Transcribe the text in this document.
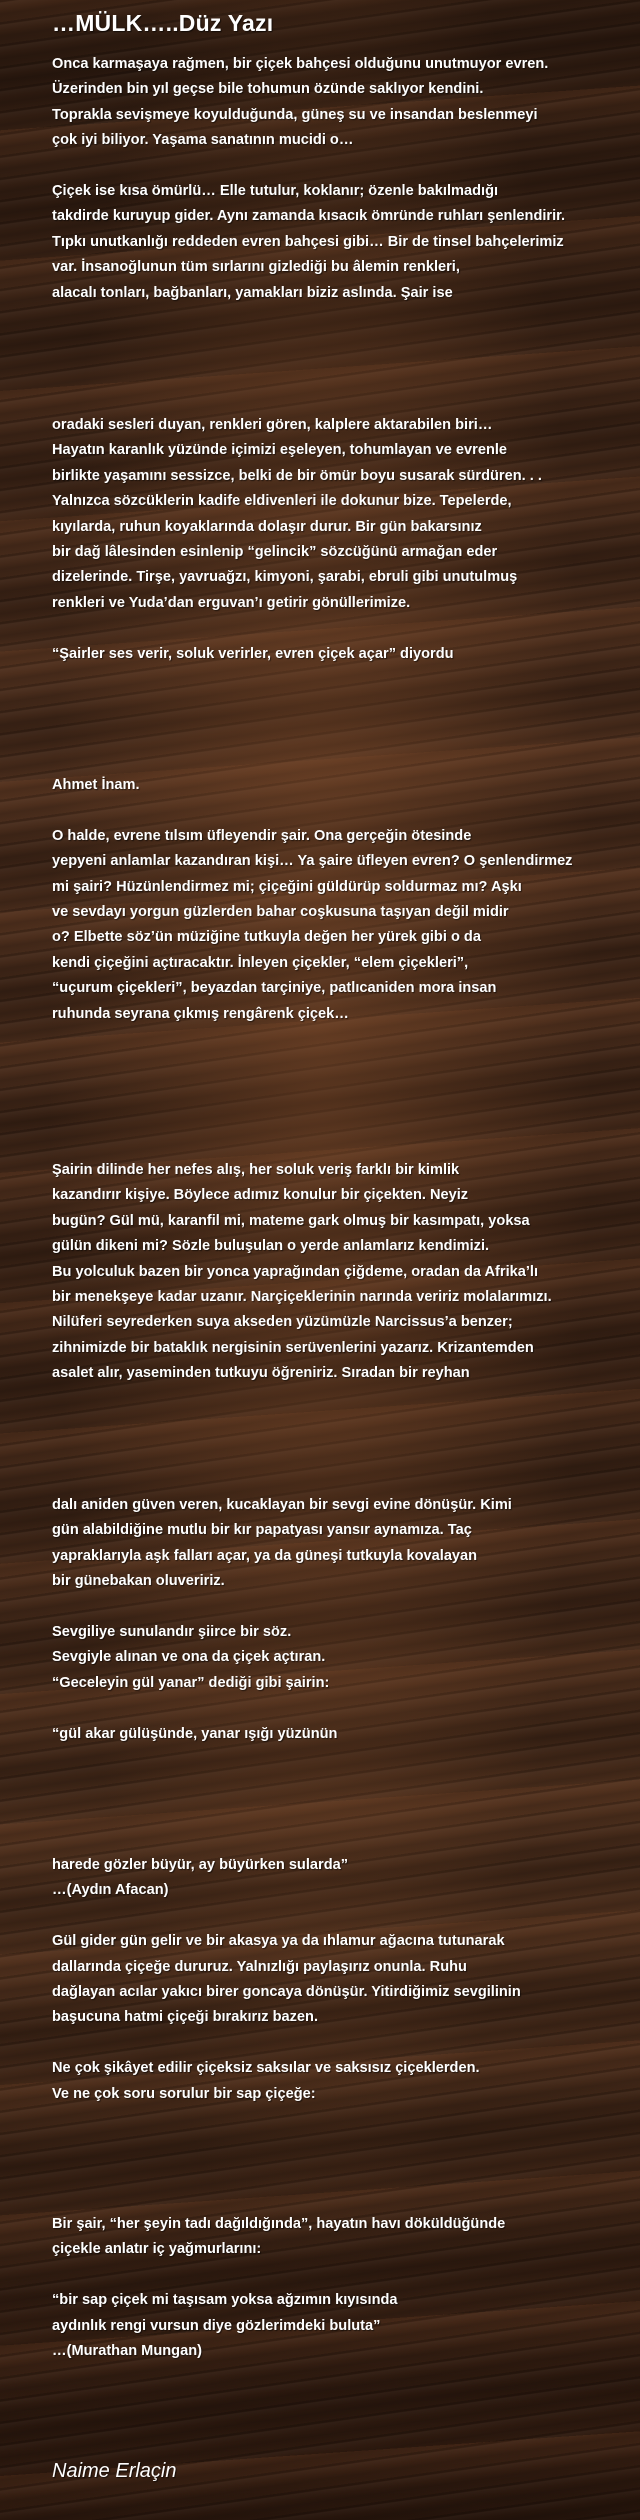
…MÜLK…..Düz Yazı
Onca karmaşaya rağmen, bir çiçek bahçesi olduğunu unutmuyor evren.
Üzerinden bin yıl geçse bile tohumun özünde saklıyor kendini.
Toprakla sevişmeye koyulduğunda, güneş su ve insandan beslenmeyi
çok iyi biliyor. Yaşama sanatının mucidi o…

Çiçek ise kısa ömürlü… Elle tutulur, koklanır; özenle bakılmadığı
takdirde kuruyup gider. Aynı zamanda kısacık ömründe ruhları şenlendirir.
Tıpkı unutkanlığı reddeden evren bahçesi gibi… Bir de tinsel bahçelerimiz
var. İnsanoğlunun tüm sırlarını gizlediği bu âlemin renkleri,
alacalı tonları, bağbanları, yamakları biziz aslında. Şair ise
oradaki sesleri duyan, renkleri gören, kalplere aktarabilen biri…
Hayatın karanlık yüzünde içimizi eşeleyen, tohumlayan ve evrenle
birlikte yaşamını sessizce, belki de bir ömür boyu susarak sürdüren. . .
Yalnızca sözcüklerin kadife eldivenleri ile dokunur bize. Tepelerde,
kıyılarda, ruhun koyaklarında dolaşır durur. Bir gün bakarsınız
bir dağ lâlesinden esinlenip “gelincik” sözcüğünü armağan eder
dizelerinde. Tirşe, yavruağzı, kimyoni, şarabi, ebruli gibi unutulmuş
renkleri ve Yuda’dan erguvan’ı getirir gönüllerimize.

“Şairler ses verir, soluk verirler, evren çiçek açar” diyordu
Ahmet İnam.

O halde, evrene tılsım üfleyendir şair. Ona gerçeğin ötesinde
yepyeni anlamlar kazandıran kişi… Ya şaire üfleyen evren? O şenlendirmez
mi şairi? Hüzünlendirmez mi; çiçeğini güldürüp soldurmaz mı? Aşkı
ve sevdayı yorgun güzlerden bahar coşkusuna taşıyan değil midir
o? Elbette söz’ün müziğine tutkuyla değen her yürek gibi o da
kendi çiçeğini açtıracaktır. İnleyen çiçekler, “elem çiçekleri”,
“uçurum çiçekleri”, beyazdan tarçiniye, patlıcaniden mora insan
ruhunda seyrana çıkmış rengârenk çiçek…
Şairin dilinde her nefes alış, her soluk veriş farklı bir kimlik
kazandırır kişiye. Böylece adımız konulur bir çiçekten. Neyiz
bugün? Gül mü, karanfil mi, mateme gark olmuş bir kasımpatı, yoksa
gülün dikeni mi? Sözle buluşulan o yerde anlamlarız kendimizi.
Bu yolculuk bazen bir yonca yaprağından çiğdeme, oradan da Afrika’lı
bir menekşeye kadar uzanır. Narçiçeklerinin narında veririz molalarımızı.
Nilüferi seyrederken suya akseden yüzümüzle Narcissus’a benzer;
zihnimizde bir bataklık nergisinin serüvenlerini yazarız. Krizantemden
asalet alır, yaseminden tutkuyu öğreniriz. Sıradan bir reyhan
dalı aniden güven veren, kucaklayan bir sevgi evine dönüşür. Kimi
gün alabildiğine mutlu bir kır papatyası yansır aynamıza. Taç
yapraklarıyla aşk falları açar, ya da güneşi tutkuyla kovalayan
bir günebakan oluveririz.

Sevgiliye sunulandır şiirce bir söz.
Sevgiyle alınan ve ona da çiçek açtıran.
“Geceleyin gül yanar” dediği gibi şairin:

“gül akar gülüşünde, yanar ışığı yüzünün
harede gözler büyür, ay büyürken sularda”
…(Aydın Afacan)

Gül gider gün gelir ve bir akasya ya da ıhlamur ağacına tutunarak
dallarında çiçeğe dururuz. Yalnızlığı paylaşırız onunla. Ruhu
dağlayan acılar yakıcı birer goncaya dönüşür. Yitirdiğimiz sevgilinin
başucuna hatmi çiçeği bırakırız bazen.

Ne çok şikâyet edilir çiçeksiz saksılar ve saksısız çiçeklerden.
Ve ne çok soru sorulur bir sap çiçeğe:
Bir şair, “her şeyin tadı dağıldığında”, hayatın havı döküldüğünde
çiçekle anlatır iç yağmurlarını:

“bir sap çiçek mi taşısam yoksa ağzımın kıyısında
aydınlık rengi vursun diye gözlerimdeki buluta”
…(Murathan Mungan)
Naime Erlaçin
